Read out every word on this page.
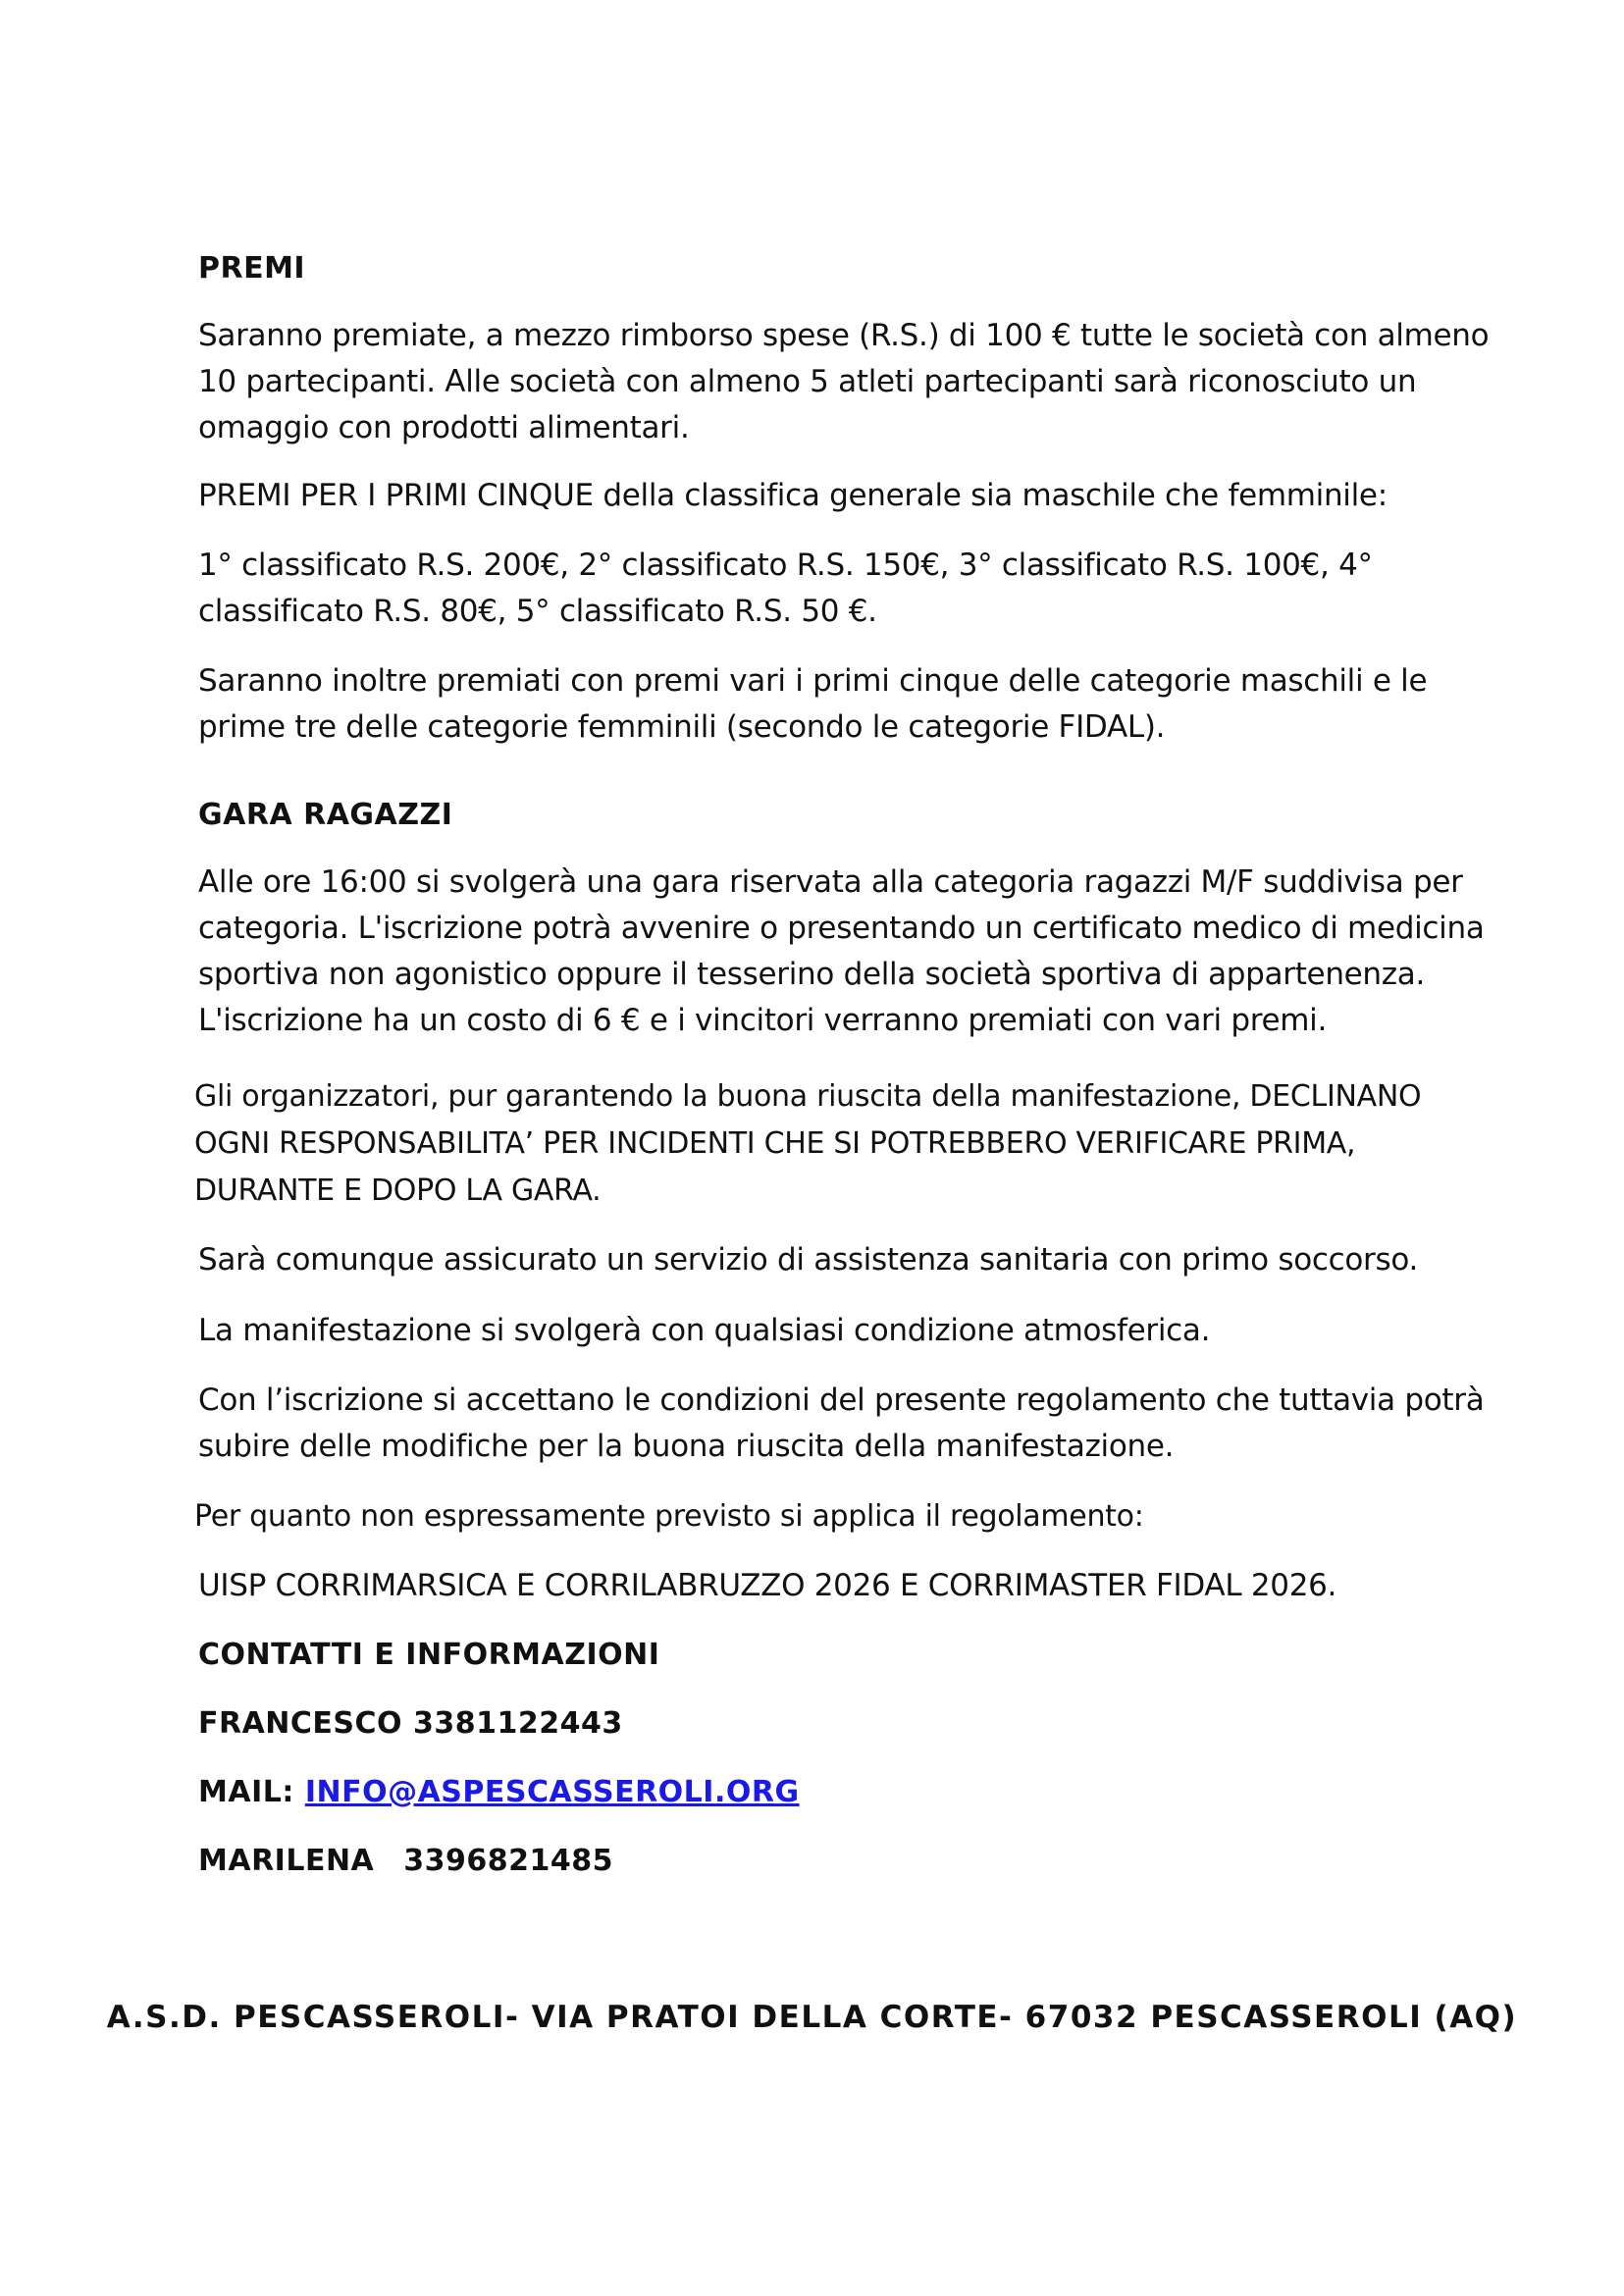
PREMI
Saranno premiate, a mezzo rimborso spese (R.S.) di 100 € tutte le società con almeno
10 partecipanti. Alle società con almeno 5 atleti partecipanti sarà riconosciuto un
omaggio con prodotti alimentari.
PREMI PER I PRIMI CINQUE della classifica generale sia maschile che femminile:
1° classificato R.S. 200€, 2° classificato R.S. 150€, 3° classificato R.S. 100€, 4°
classificato R.S. 80€, 5° classificato R.S. 50 €.
Saranno inoltre premiati con premi vari i primi cinque delle categorie maschili e le
prime tre delle categorie femminili (secondo le categorie FIDAL).
GARA RAGAZZI
Alle ore 16:00 si svolgerà una gara riservata alla categoria ragazzi M/F suddivisa per
categoria. L'iscrizione potrà avvenire o presentando un certificato medico di medicina
sportiva non agonistico oppure il tesserino della società sportiva di appartenenza.
L'iscrizione ha un costo di 6 € e i vincitori verranno premiati con vari premi.
Gli organizzatori, pur garantendo la buona riuscita della manifestazione, DECLINANO
OGNI RESPONSABILITA’ PER INCIDENTI CHE SI POTREBBERO VERIFICARE PRIMA,
DURANTE E DOPO LA GARA.
Sarà comunque assicurato un servizio di assistenza sanitaria con primo soccorso.
La manifestazione si svolgerà con qualsiasi condizione atmosferica.
Con l’iscrizione si accettano le condizioni del presente regolamento che tuttavia potrà
subire delle modifiche per la buona riuscita della manifestazione.
Per quanto non espressamente previsto si applica il regolamento:
UISP CORRIMARSICA E CORRILABRUZZO 2026 E CORRIMASTER FIDAL 2026.
CONTATTI E INFORMAZIONI
FRANCESCO 3381122443
MAIL: INFO@ASPESCASSEROLI.ORG
MARILENA 3396821485
A.S.D. PESCASSEROLI- VIA PRATOI DELLA CORTE- 67032 PESCASSEROLI (AQ)
